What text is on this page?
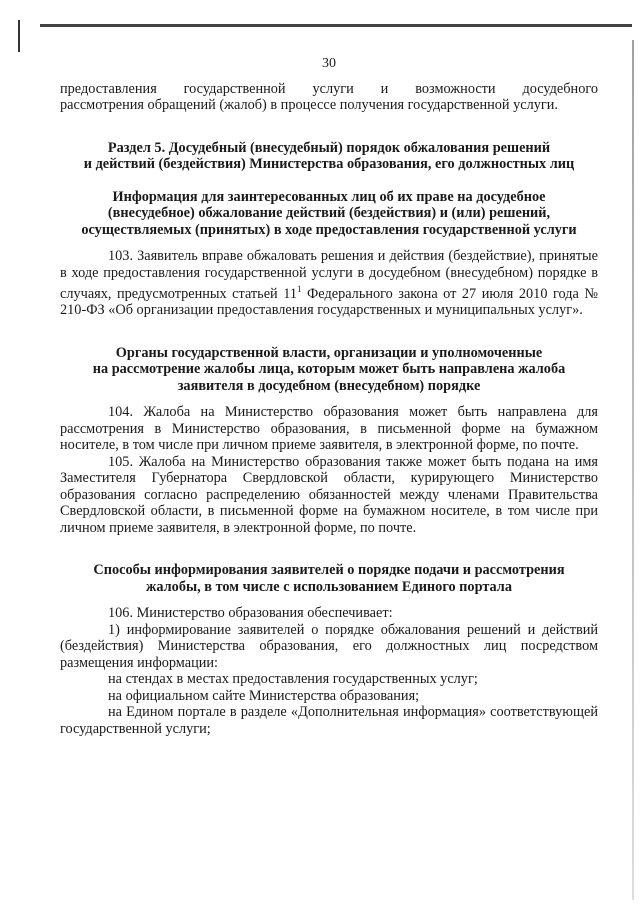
30

предоставления государственной услуги и возможности досудебного

рассмотрения обращений (жалоб) в процессе получения государственной услуги.

Раздел 5. Досудебный (внесудебный) порядок обжалования решений

и действий (бездействия) Министерства образования, его должностных лиц

Информация для заинтересованных лиц об их праве на досудебное

(внесудебное) обжалование действий (бездействия) и (или) решений,

осуществляемых (принятых) в ходе предоставления государственной услуги

103. Заявитель вправе обжаловать решения и действия (бездействие), принятые в ходе предоставления государственной услуги в досудебном (внесудебном) порядке в случаях, предусмотренных статьей $11^1$ Федерального закона от 27 июля 2010 года № 210-ФЗ «Об организации предоставления государственных и муниципальных услуг».

Органы государственной власти, организации и уполномоченные

на рассмотрение жалобы лица, которым может быть направлена жалоба

заявителя в досудебном (внесудебном) порядке

104. Жалоба на Министерство образования может быть направлена для рассмотрения в Министерство образования, в письменной форме на бумажном носителе, в том числе при личном приеме заявителя, в электронной форме, по почте.

105. Жалоба на Министерство образования также может быть подана на имя Заместителя Губернатора Свердловской области, курирующего Министерство образования согласно распределению обязанностей между членами Правительства Свердловской области, в письменной форме на бумажном носителе, в том числе при личном приеме заявителя, в электронной форме, по почте.

Способы информирования заявителей о порядке подачи и рассмотрения

жалобы, в том числе с использованием Единого портала

106. Министерство образования обеспечивает:

1) информирование заявителей о порядке обжалования решений и действий (бездействия) Министерства образования, его должностных лиц посредством размещения информации:

на стендах в местах предоставления государственных услуг;

на официальном сайте Министерства образования;

на Едином портале в разделе «Дополнительная информация» соответствующей государственной услуги;
